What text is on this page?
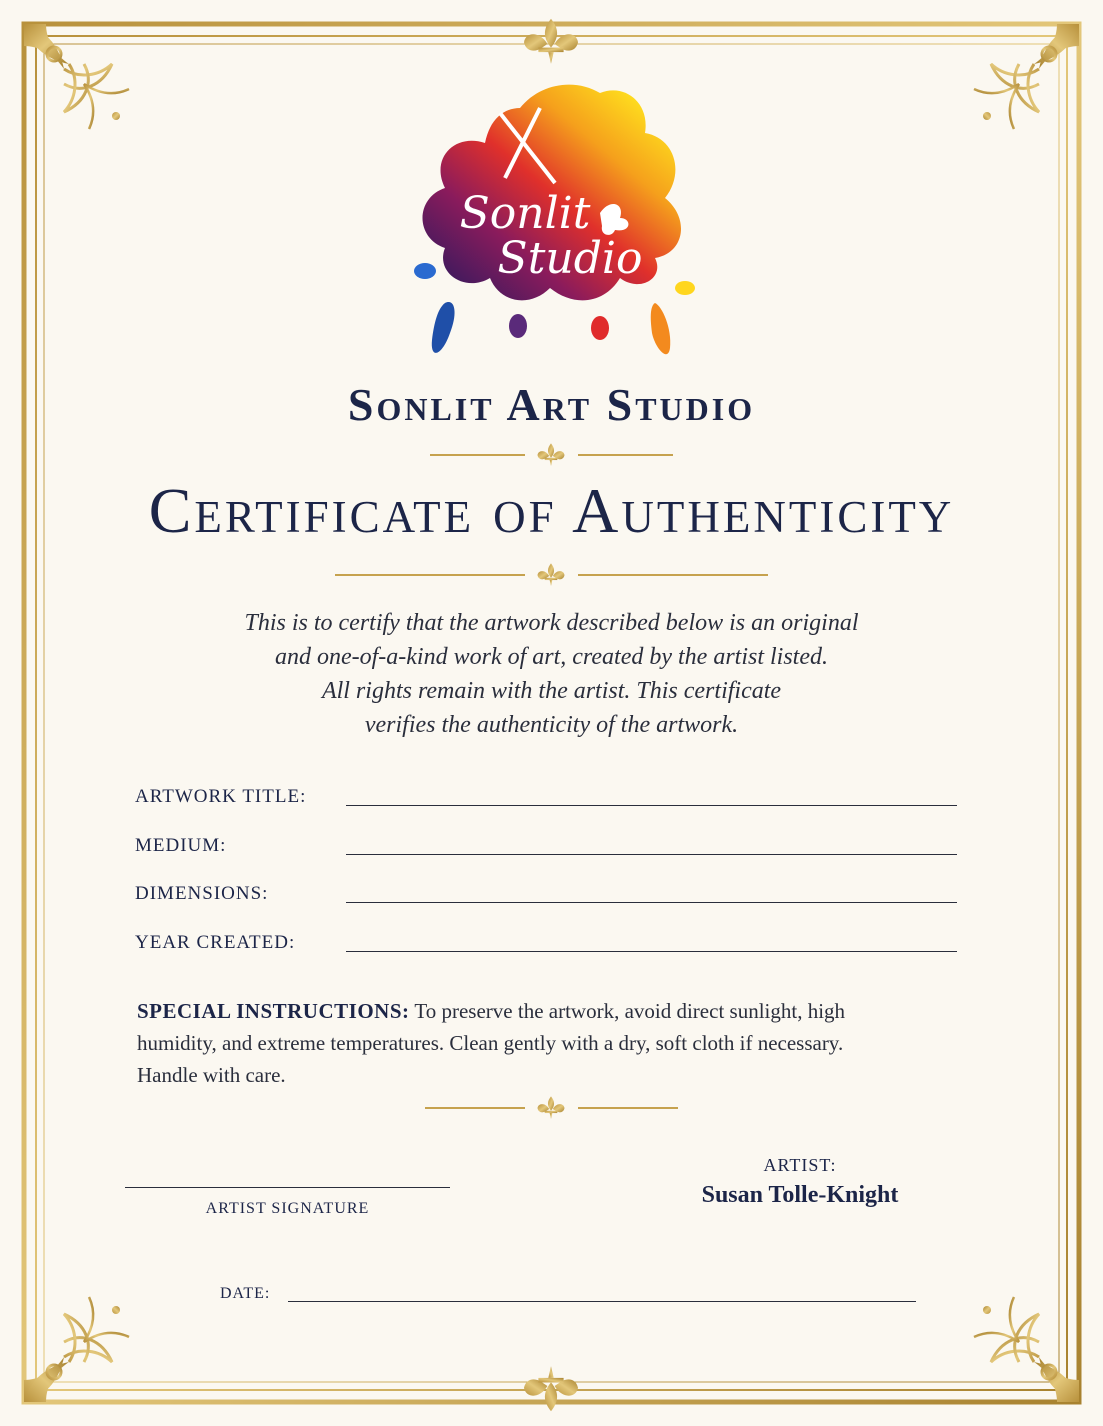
Sonlit
Studio
Sonlit Art Studio
Certificate of Authenticity
This is to certify that the artwork described below is an original
and one-of-a-kind work of art, created by the artist listed.
All rights remain with the artist. This certificate
verifies the authenticity of the artwork.
ARTWORK TITLE:
MEDIUM:
DIMENSIONS:
YEAR CREATED:

SPECIAL INSTRUCTIONS: To preserve the artwork, avoid direct sunlight, high humidity, and extreme temperatures. Clean gently with a dry, soft cloth if necessary. Handle with care.

ARTIST SIGNATURE
ARTIST:
Susan Tolle-Knight
DATE:
